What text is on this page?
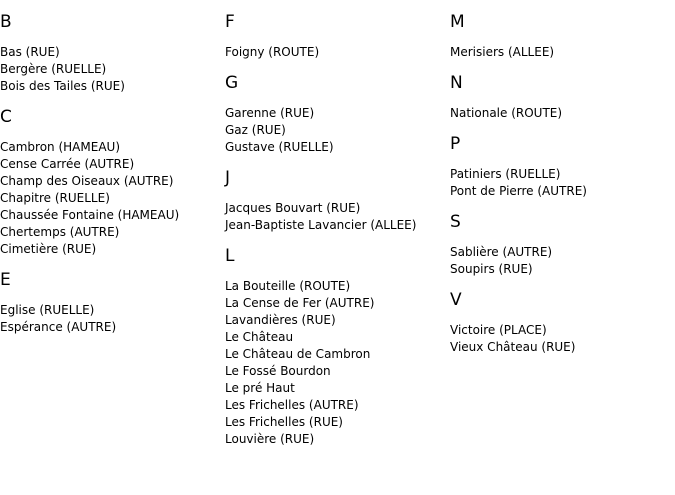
B
Bas (RUE)
Bergère (RUELLE)
Bois des Tailes (RUE)
C
Cambron (HAMEAU)
Cense Carrée (AUTRE)
Champ des Oiseaux (AUTRE)
Chapitre (RUELLE)
Chaussée Fontaine (HAMEAU)
Chertemps (AUTRE)
Cimetière (RUE)
E
Eglise (RUELLE)
Espérance (AUTRE)
F
Foigny (ROUTE)
G
Garenne (RUE)
Gaz (RUE)
Gustave (RUELLE)
J
Jacques Bouvart (RUE)
Jean-Baptiste Lavancier (ALLEE)
L
La Bouteille (ROUTE)
La Cense de Fer (AUTRE)
Lavandières (RUE)
Le Château
Le Château de Cambron
Le Fossé Bourdon
Le pré Haut
Les Frichelles (AUTRE)
Les Frichelles (RUE)
Louvière (RUE)
M
Merisiers (ALLEE)
N
Nationale (ROUTE)
P
Patiniers (RUELLE)
Pont de Pierre (AUTRE)
S
Sablière (AUTRE)
Soupirs (RUE)
V
Victoire (PLACE)
Vieux Château (RUE)
